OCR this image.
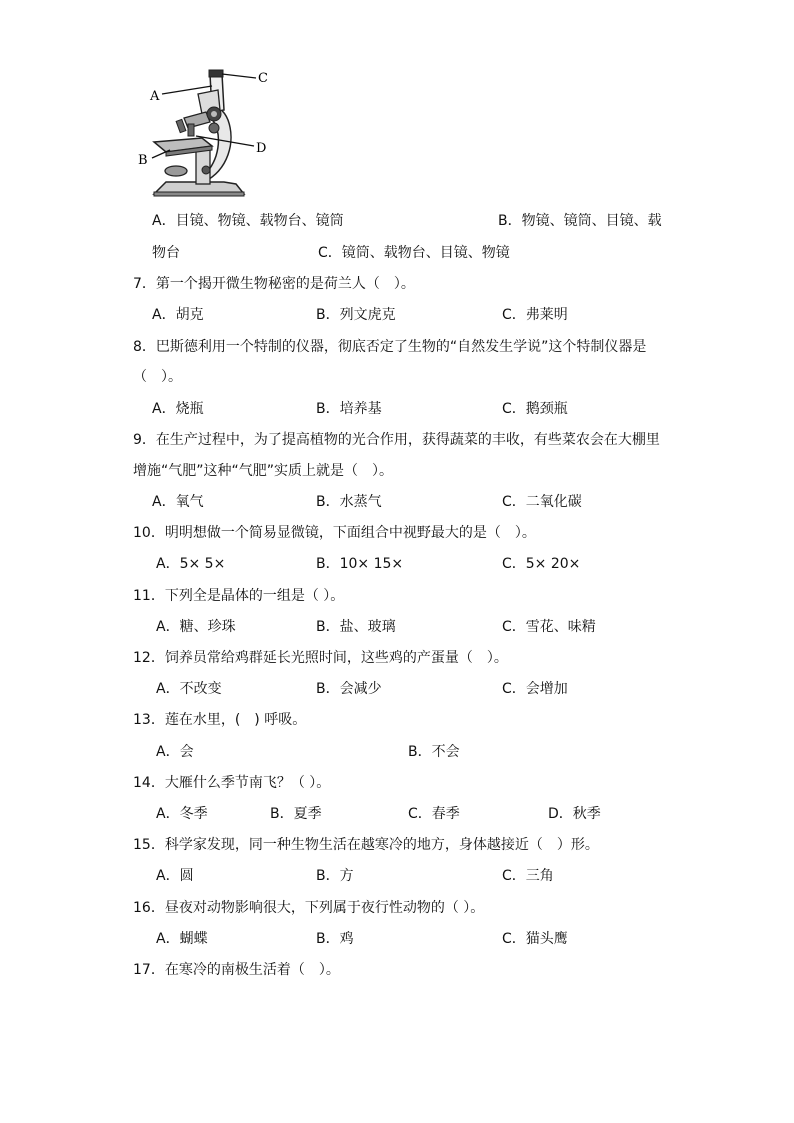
A
C
D
B
A．目镜、物镜、载物台、镜筒	B．物镜、镜筒、目镜、载
物台	C．镜筒、载物台、目镜、物镜
7．第一个揭开微生物秘密的是荷兰人（　）。
A．胡克	B．列文虎克	C．弗莱明
8．巴斯德利用一个特制的仪器，彻底否定了生物的“自然发生学说”这个特制仪器是
（　）。
A．烧瓶	B．培养基	C．鹅颈瓶
9．在生产过程中，为了提高植物的光合作用，获得蔬菜的丰收，有些菜农会在大棚里
增施“气肥”这种“气肥”实质上就是（　）。
A．氧气	B．水蒸气	C．二氧化碳
10．明明想做一个简易显微镜，下面组合中视野最大的是（　）。
A．5× 5×	B．10× 15×	C．5× 20×
11．下列全是晶体的一组是（ ）。
A．糖、珍珠	B．盐、玻璃	C．雪花、味精
12．饲养员常给鸡群延长光照时间，这些鸡的产蛋量（　）。
A．不改变	B．会减少	C．会增加
13．莲在水里，(　) 呼吸。
A．会	B．不会
14．大雁什么季节南飞？（ ）。
A．冬季	B．夏季	C．春季	D．秋季
15．科学家发现，同一种生物生活在越寒冷的地方，身体越接近（　）形。
A．圆	B．方	C．三角
16．昼夜对动物影响很大，下列属于夜行性动物的（ ）。
A．蝴蝶	B．鸡	C．猫头鹰
17．在寒冷的南极生活着（　）。
